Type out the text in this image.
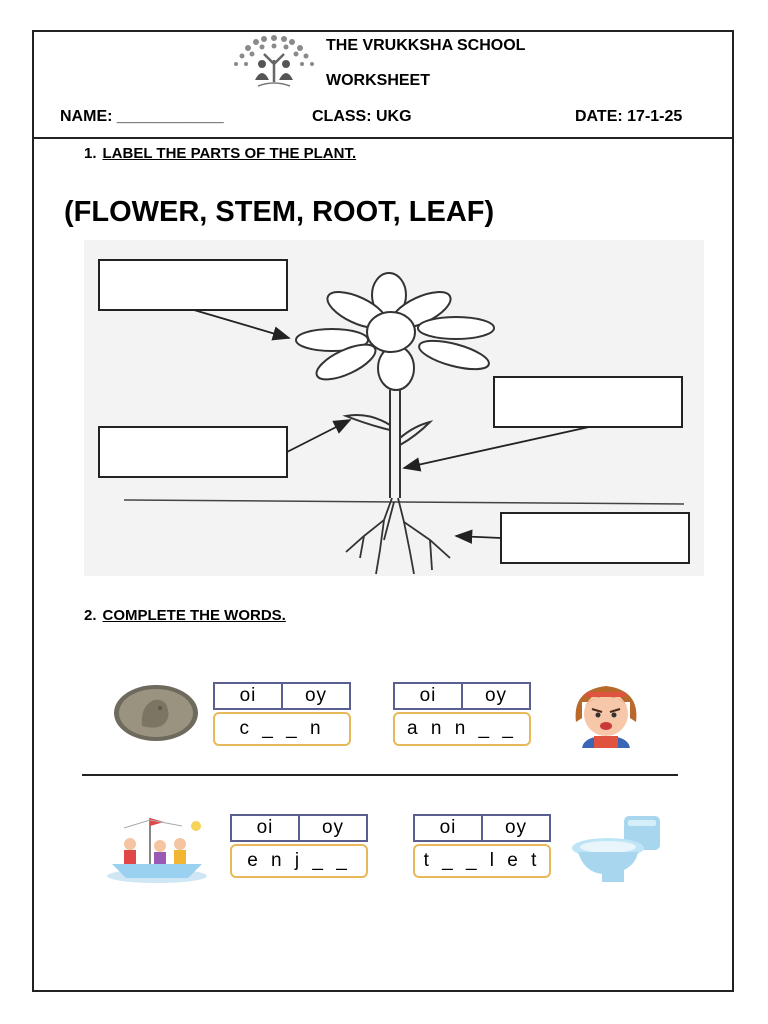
THE VRUKKSHA SCHOOL
WORKSHEET
NAME: ____________	CLASS: UKG	DATE: 17-1-25
1. LABEL THE PARTS OF THE PLANT.
(FLOWER, STEM, ROOT, LEAF)
2. COMPLETE THE WORDS.
oi	oy
c _ _ n
oi	oy
a n n _ _
oi	oy
e n j _ _
oi	oy
t _ _ l e t
